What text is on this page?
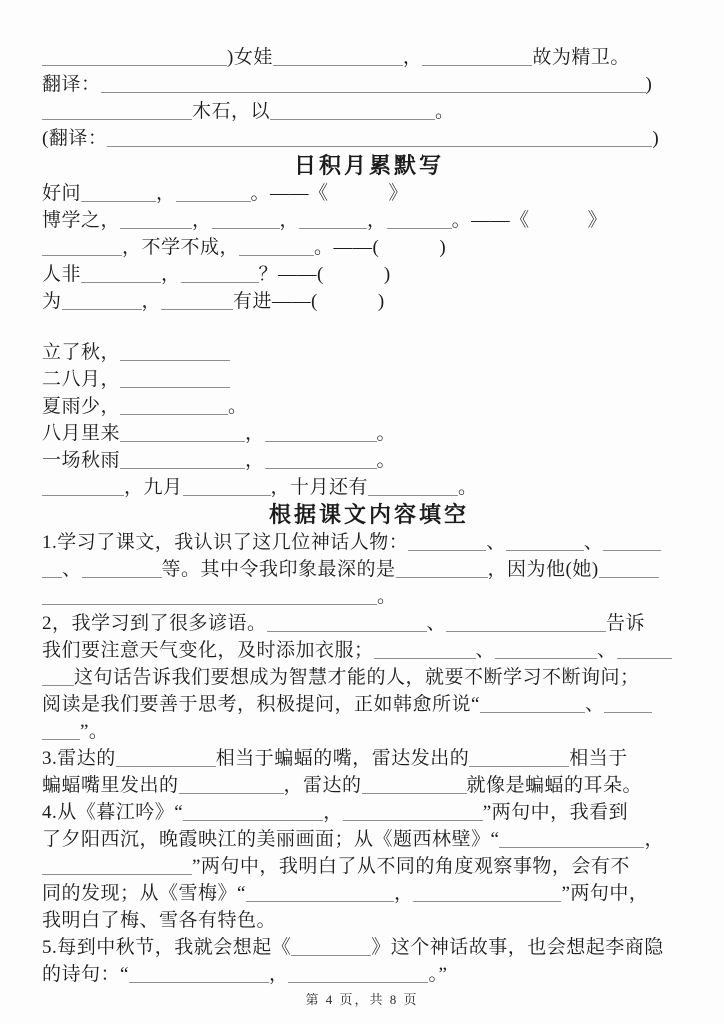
)女娃	，	故为精卫。
翻译：	)
木石，以	。
(翻译：	)
日积月累默写
好问	，	。——《	》
博学之，	，	，	，	。——《	》
，不学不成，	。——(	)
人非	，	？——(	)
为	，	有进——(	)
立了秋，
二八月，
夏雨少，	。
八月里来	，	。
一场秋雨	，	。
，九月	，十月还有	。
根据课文内容填空
1.学习了课文，我认识了这几位神话人物：	、	、
、	等。其中令我印象最深的是	，因为他(她)
。
2，我学习到了很多谚语。	、	告诉
我们要注意天气变化，及时添加衣服；	、	、
这句话告诉我们要想成为智慧才能的人，就要不断学习不断询问；
阅读是我们要善于思考，积极提问，正如韩愈所说“	、
”。
3.雷达的	相当于蝙蝠的嘴，雷达发出的	相当于
蝙蝠嘴里发出的	，雷达的	就像是蝙蝠的耳朵。
4.从《暮江吟》“	，	”两句中，我看到
了夕阳西沉，晚霞映江的美丽画面；从《题西林壁》“	，
”两句中，我明白了从不同的角度观察事物，会有不
同的发现；从《雪梅》“	，	”两句中，
我明白了梅、雪各有特色。
5.每到中秋节，我就会想起《	》这个神话故事，也会想起李商隐
的诗句：“	，	。”
第 4 页，共 8 页
